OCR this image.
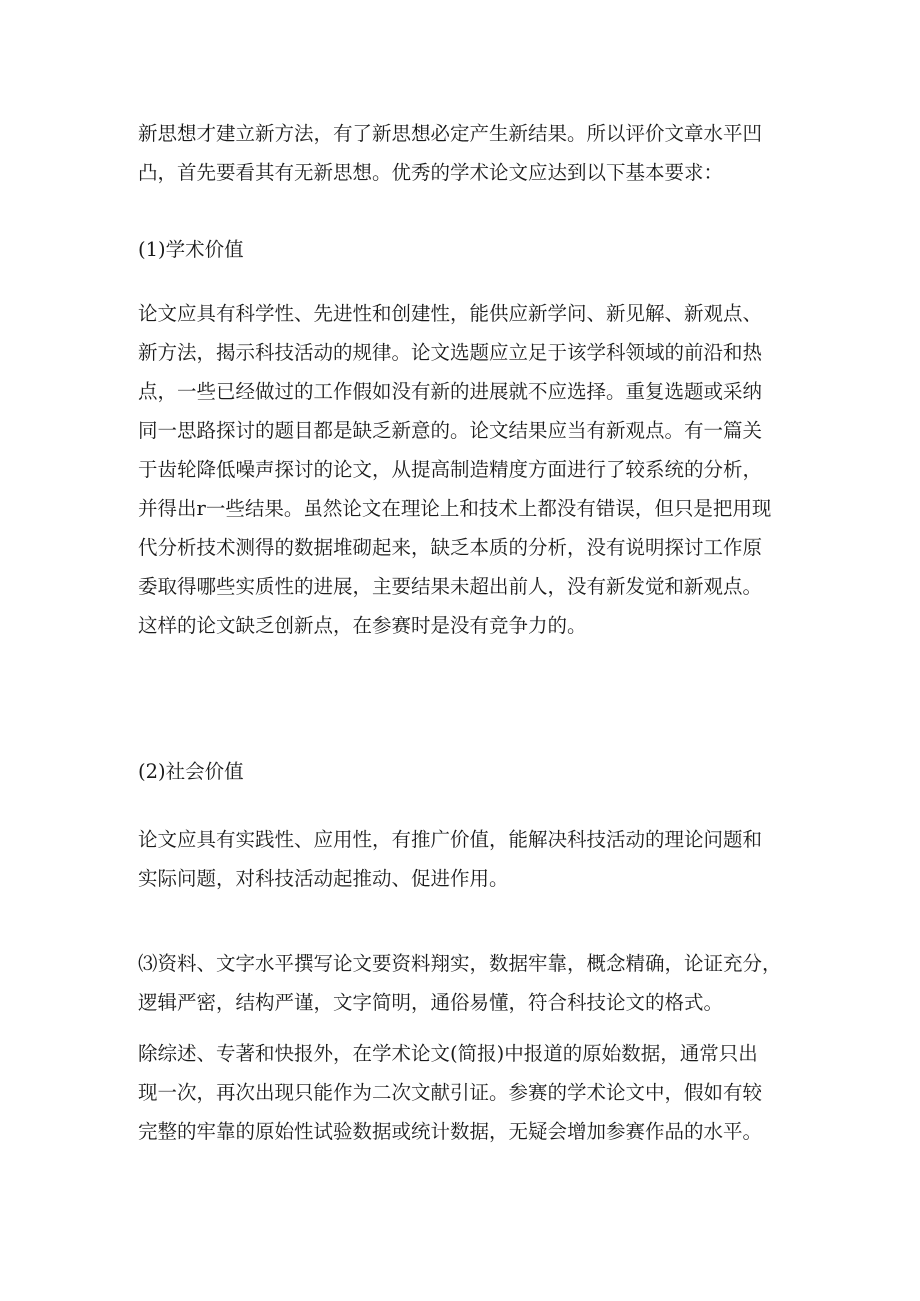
新思想才建立新方法，有了新思想必定产生新结果。所以评价文章水平凹
凸，首先要看其有无新思想。优秀的学术论文应达到以下基本要求：

(1)学术价值

论文应具有科学性、先进性和创建性，能供应新学问、新见解、新观点、
新方法，揭示科技活动的规律。论文选题应立足于该学科领域的前沿和热
点，一些已经做过的工作假如没有新的进展就不应选择。重复选题或采纳
同一思路探讨的题目都是缺乏新意的。论文结果应当有新观点。有一篇关
于齿轮降低噪声探讨的论文，从提高制造精度方面进行了较系统的分析，
并得出r一些结果。虽然论文在理论上和技术上都没有错误，但只是把用现
代分析技术测得的数据堆砌起来，缺乏本质的分析，没有说明探讨工作原
委取得哪些实质性的进展，主要结果未超出前人，没有新发觉和新观点。
这样的论文缺乏创新点，在参赛时是没有竞争力的。

(2)社会价值

论文应具有实践性、应用性，有推广价值，能解决科技活动的理论问题和
实际问题，对科技活动起推动、促进作用。

⑶资料、文字水平撰写论文要资料翔实，数据牢靠，概念精确，论证充分，
逻辑严密，结构严谨，文字简明，通俗易懂，符合科技论文的格式。

除综述、专著和快报外，在学术论文(简报)中报道的原始数据，通常只出
现一次，再次出现只能作为二次文献引证。参赛的学术论文中，假如有较
完整的牢靠的原始性试验数据或统计数据，无疑会增加参赛作品的水平。
